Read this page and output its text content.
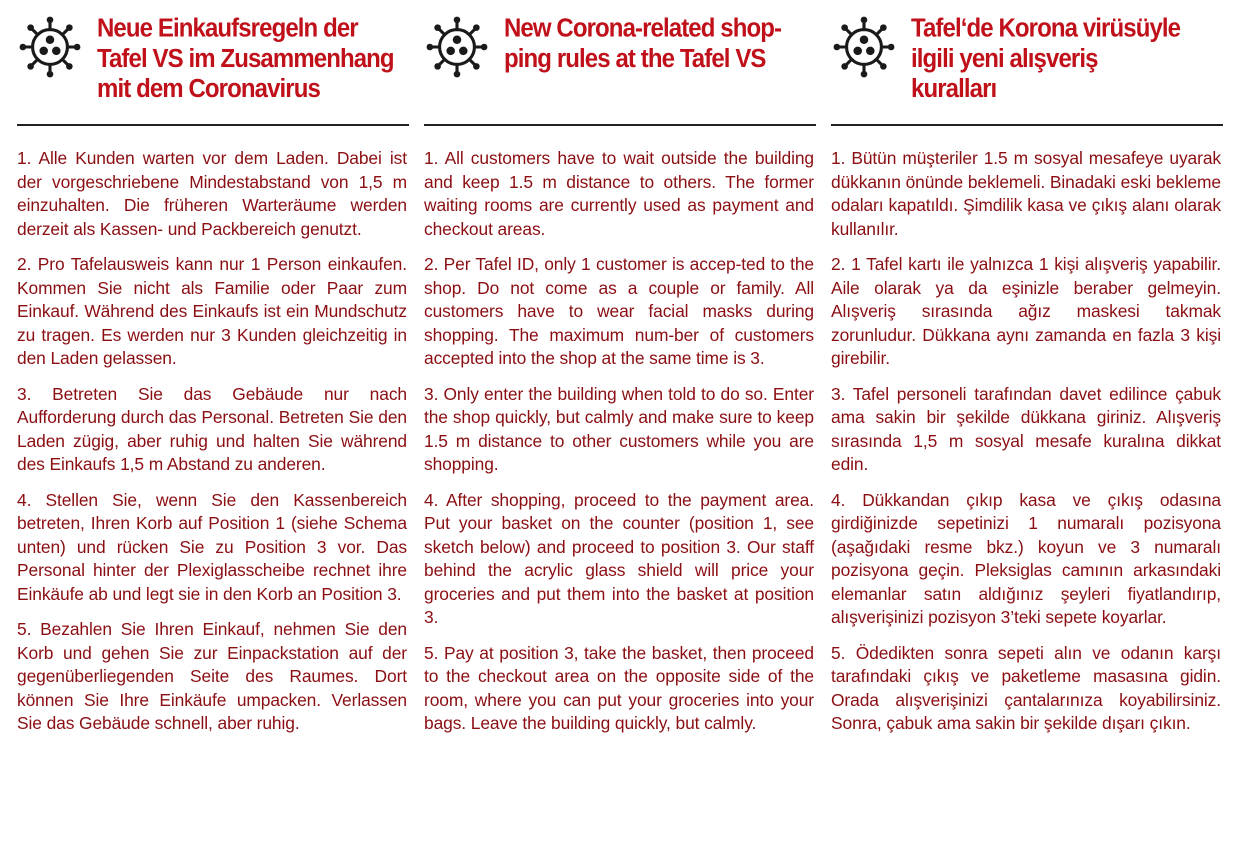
Neue Einkaufsregeln der
Tafel VS im Zusammenhang
mit dem Coronavirus

1. Alle Kunden warten vor dem Laden. Dabei ist der vorgeschriebene Mindestabstand von 1,5 m einzuhalten. Die früheren Warteräume werden derzeit als Kassen- und Packbereich genutzt.

2. Pro Tafelausweis kann nur 1 Person einkaufen. Kommen Sie nicht als Familie oder Paar zum Einkauf. Während des Einkaufs ist ein Mundschutz zu tragen. Es werden nur 3 Kunden gleichzeitig in den Laden gelassen.

3. Betreten Sie das Gebäude nur nach Aufforderung durch das Personal. Betreten Sie den Laden zügig, aber ruhig und halten Sie während des Einkaufs 1,5 m Abstand zu anderen.

4. Stellen Sie, wenn Sie den Kassenbereich betreten, Ihren Korb auf Position 1 (siehe Schema unten) und rücken Sie zu Position 3 vor. Das Personal hinter der Plexiglasscheibe rechnet ihre Einkäufe ab und legt sie in den Korb an Position 3.

5. Bezahlen Sie Ihren Einkauf, nehmen Sie den Korb und gehen Sie zur Einpackstation auf der gegenüberliegenden Seite des Raumes. Dort können Sie Ihre Einkäufe umpacken. Verlassen Sie das Gebäude schnell, aber ruhig.

New Corona-related shop-
ping rules at the Tafel VS

1. All customers have to wait outside the building and keep 1.5 m distance to others. The former waiting rooms are currently used as payment and checkout areas.

2. Per Tafel ID, only 1 customer is accep-ted to the shop. Do not come as a couple or family. All customers have to wear facial masks during shopping. The maximum num-ber of customers accepted into the shop at the same time is 3.

3. Only enter the building when told to do so. Enter the shop quickly, but calmly and make sure to keep 1.5 m distance to other customers while you are shopping.

4. After shopping, proceed to the payment area. Put your basket on the counter (position 1, see sketch below) and proceed to position 3. Our staff behind the acrylic glass shield will price your groceries and put them into the basket at position 3.

5. Pay at position 3, take the basket, then proceed to the checkout area on the opposite side of the room, where you can put your groceries into your bags. Leave the building quickly, but calmly.

Tafel‘de Korona virüsüyle
ilgili yeni alışveriş
kuralları

1. Bütün müşteriler 1.5 m sosyal mesafeye uyarak dükkanın önünde beklemeli. Binadaki eski bekleme odaları kapatıldı. Şimdilik kasa ve çıkış alanı olarak kullanılır.

2. 1 Tafel kartı ile yalnızca 1 kişi alışveriş yapabilir. Aile olarak ya da eşinizle beraber gelmeyin. Alışveriş sırasında ağız maskesi takmak zorunludur. Dükkana aynı zamanda en fazla 3 kişi girebilir.

3. Tafel personeli tarafından davet edilince çabuk ama sakin bir şekilde dükkana giriniz. Alışveriş sırasında 1,5 m sosyal mesafe kuralına dikkat edin.

4. Dükkandan çıkıp kasa ve çıkış odasına girdiğinizde sepetinizi 1 numaralı pozisyona (aşağıdaki resme bkz.) koyun ve 3 numaralı pozisyona geçin. Pleksiglas camının arkasındaki elemanlar satın aldığınız şeyleri fiyatlandırıp, alışverişinizi pozisyon 3’teki sepete koyarlar.

5. Ödedikten sonra sepeti alın ve odanın karşı tarafındaki çıkış ve paketleme masasına gidin. Orada alışverişinizi çantalarınıza koyabilirsiniz. Sonra, çabuk ama sakin bir şekilde dışarı çıkın.
